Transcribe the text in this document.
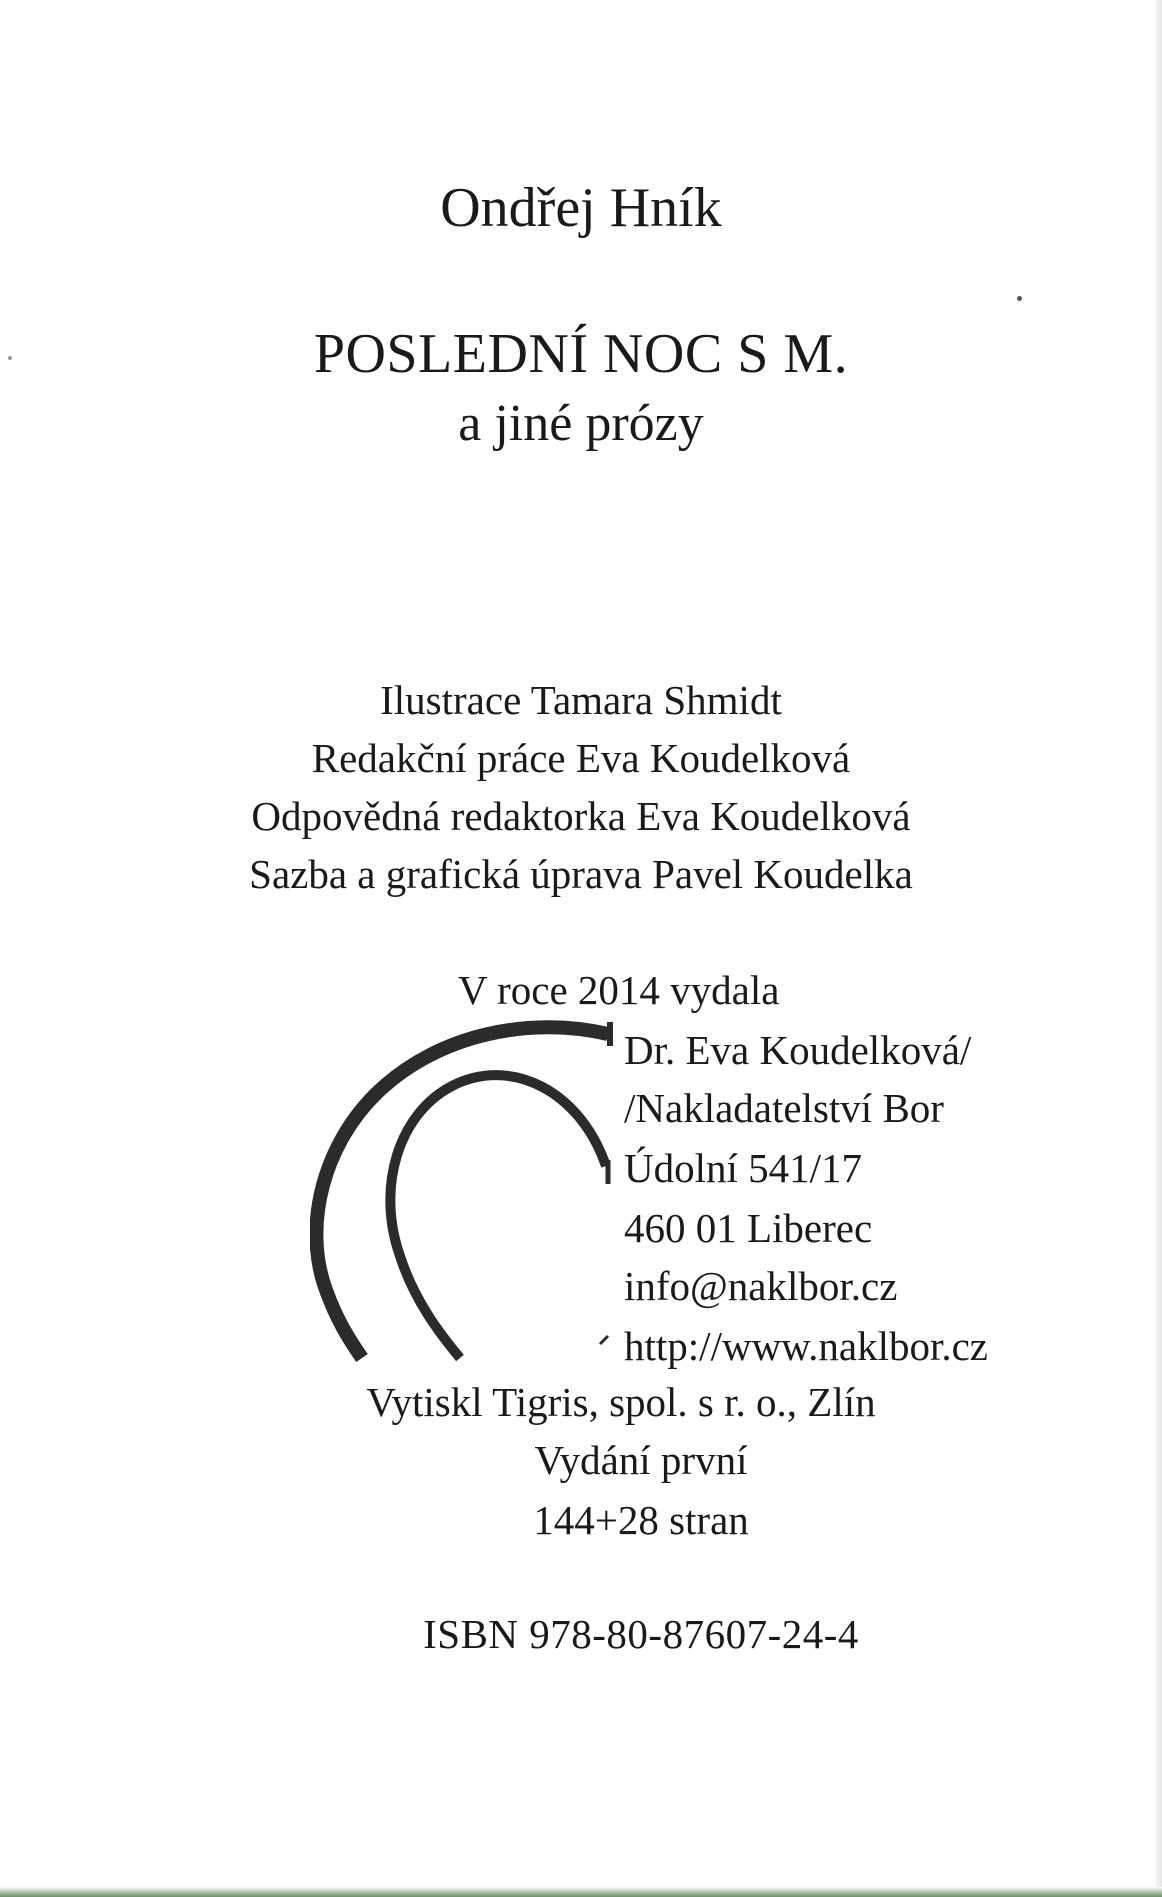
Ondřej Hník
POSLEDNÍ NOC S M.
a jiné prózy
Ilustrace Tamara Shmidt
Redakční práce Eva Koudelková
Odpovědná redaktorka Eva Koudelková
Sazba a grafická úprava Pavel Koudelka
V roce 2014 vydala
Dr. Eva Koudelková/
/Nakladatelství Bor
Údolní 541/17
460 01 Liberec
info@naklbor.cz
http://www.naklbor.cz
Vytiskl Tigris, spol. s r. o., Zlín
Vydání první
144+28 stran
ISBN 978-80-87607-24-4
